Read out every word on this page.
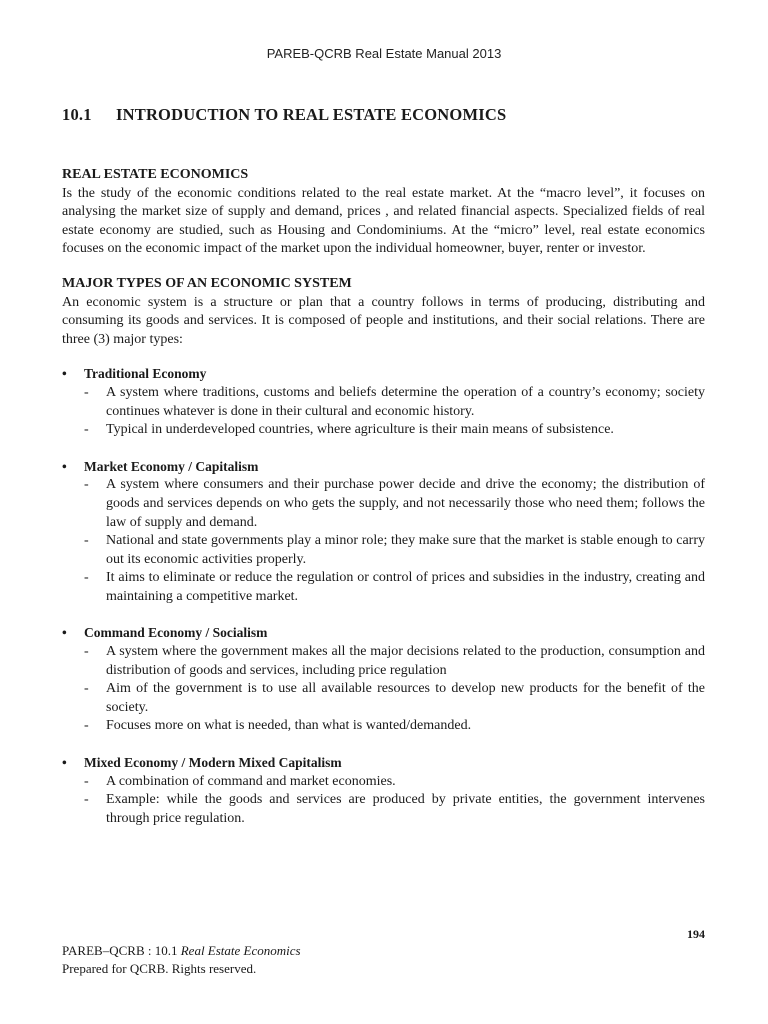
PAREB-QCRB Real Estate Manual 2013
10.1 INTRODUCTION TO REAL ESTATE ECONOMICS
REAL ESTATE ECONOMICS

Is the study of the economic conditions related to the real estate market. At the “macro level”, it focuses on analysing the market size of supply and demand, prices , and related financial aspects. Specialized fields of real estate economy are studied, such as Housing and Condominiums. At the “micro” level, real estate economics focuses on the economic impact of the market upon the individual homeowner, buyer, renter or investor.

MAJOR TYPES OF AN ECONOMIC SYSTEM

An economic system is a structure or plan that a country follows in terms of producing, distributing and consuming its goods and services. It is composed of people and institutions, and their social relations. There are three (3) major types:

•	Traditional Economy
-	A system where traditions, customs and beliefs determine the operation of a country’s economy; society continues whatever is done in their cultural and economic history.
-	Typical in underdeveloped countries, where agriculture is their main means of subsistence.
•	Market Economy / Capitalism
-	A system where consumers and their purchase power decide and drive the economy; the distribution of goods and services depends on who gets the supply, and not necessarily those who need them; follows the law of supply and demand.
-	National and state governments play a minor role; they make sure that the market is stable enough to carry out its economic activities properly.
-	It aims to eliminate or reduce the regulation or control of prices and subsidies in the industry, creating and maintaining a competitive market.
•	Command Economy / Socialism
-	A system where the government makes all the major decisions related to the production, consumption and distribution of goods and services, including price regulation
-	Aim of the government is to use all available resources to develop new products for the benefit of the society.
-	Focuses more on what is needed, than what is wanted/demanded.
•	Mixed Economy / Modern Mixed Capitalism
-	A combination of command and market economies.
-	Example: while the goods and services are produced by private entities, the government intervenes through price regulation.
194
PAREB–QCRB : 10.1 Real Estate Economics
Prepared for QCRB. Rights reserved.
